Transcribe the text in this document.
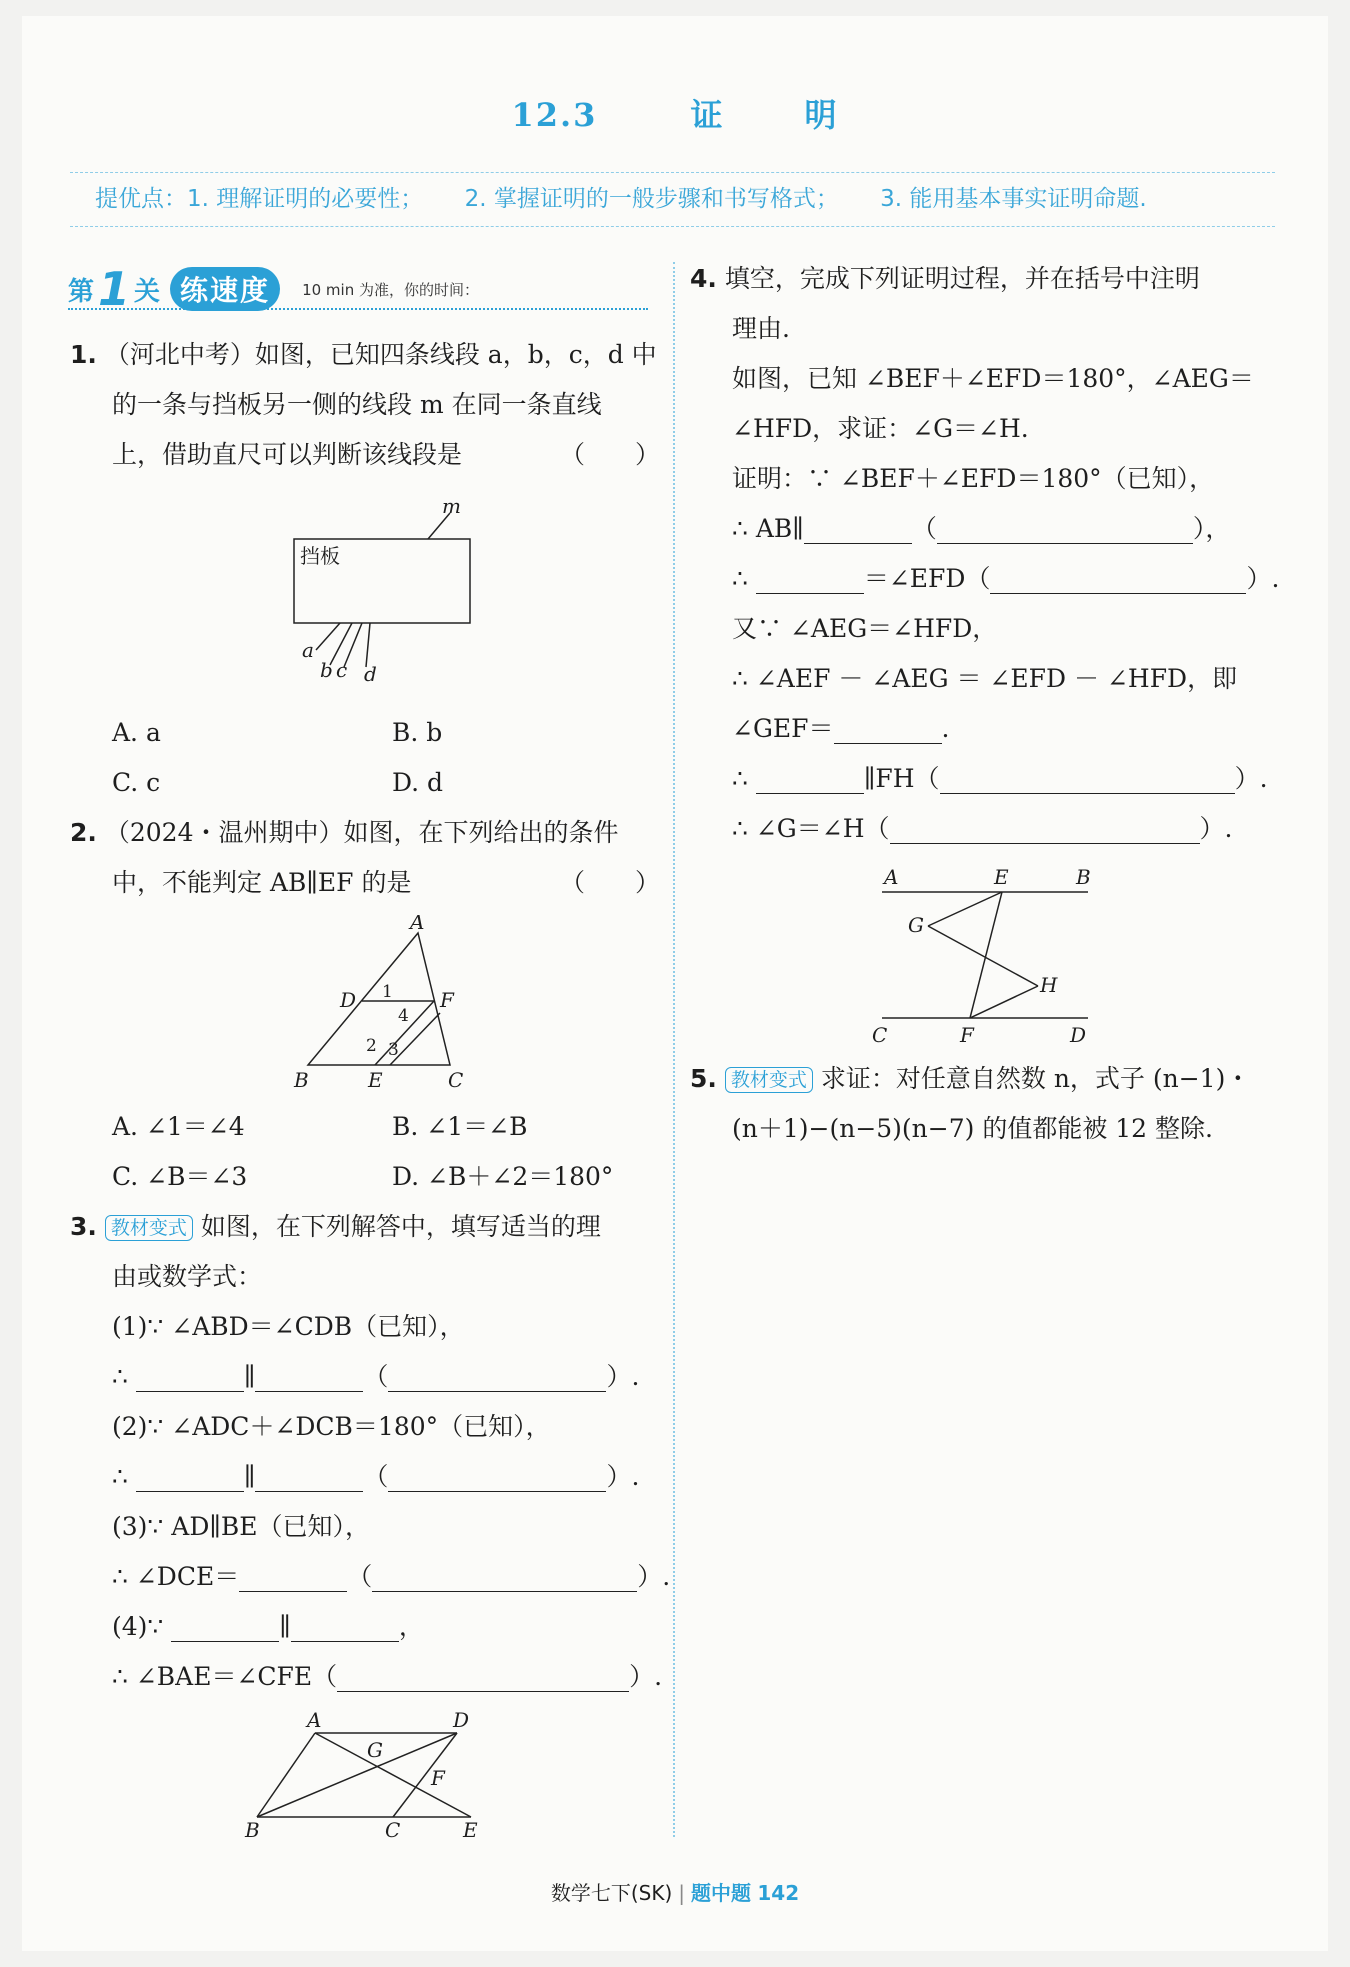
12.3	证	明
提优点：1. 理解证明的必要性； 2. 掌握证明的一般步骤和书写格式； 3. 能用基本事实证明命题.
第 1 关 练速度	10 min 为准，你的时间：
1. （河北中考）如图，已知四条线段 a，b，c，d 中
的一条与挡板另一侧的线段 m 在同一条直线
上，借助直尺可以判断该线段是	（　　）
挡板
m
a
b c d
A. a	B. b
C. c	D. d
2. （2024・温州期中）如图，在下列给出的条件
中，不能判定 AB∥EF 的是	（　　）
A
D	F
B	E	C
1
4
2 3
A. ∠1＝∠4	B. ∠1＝∠B
C. ∠B＝∠3	D. ∠B＋∠2＝180°
3. 教材变式 如图，在下列解答中，填写适当的理
由或数学式：
(1)∵ ∠ABD＝∠CDB（已知），
∴	∥	（	）.
(2)∵ ∠ADC＋∠DCB＝180°（已知），
∴	∥	（	）.
(3)∵ AD∥BE（已知），
∴ ∠DCE＝	（	）.
(4)∵	∥	，
∴ ∠BAE＝∠CFE（	）.
A	D
G
F
B	C	E
4. 填空，完成下列证明过程，并在括号中注明
理由.
如图，已知 ∠BEF＋∠EFD＝180°，∠AEG＝
∠HFD，求证：∠G＝∠H.
证明：∵ ∠BEF＋∠EFD＝180°（已知），
∴ AB∥	（	），
∴	＝∠EFD（	）.
又∵ ∠AEG＝∠HFD，
∴ ∠AEF － ∠AEG ＝ ∠EFD － ∠HFD，即
∠GEF＝	.
∴	∥FH（	）.
∴ ∠G＝∠H（	）.
A	E	B
G
H
C	F	D
5. 教材变式 求证：对任意自然数 n，式子 (n−1)・
(n＋1)−(n−5)(n−7) 的值都能被 12 整除.
数学七下(SK) | 题中题 142
